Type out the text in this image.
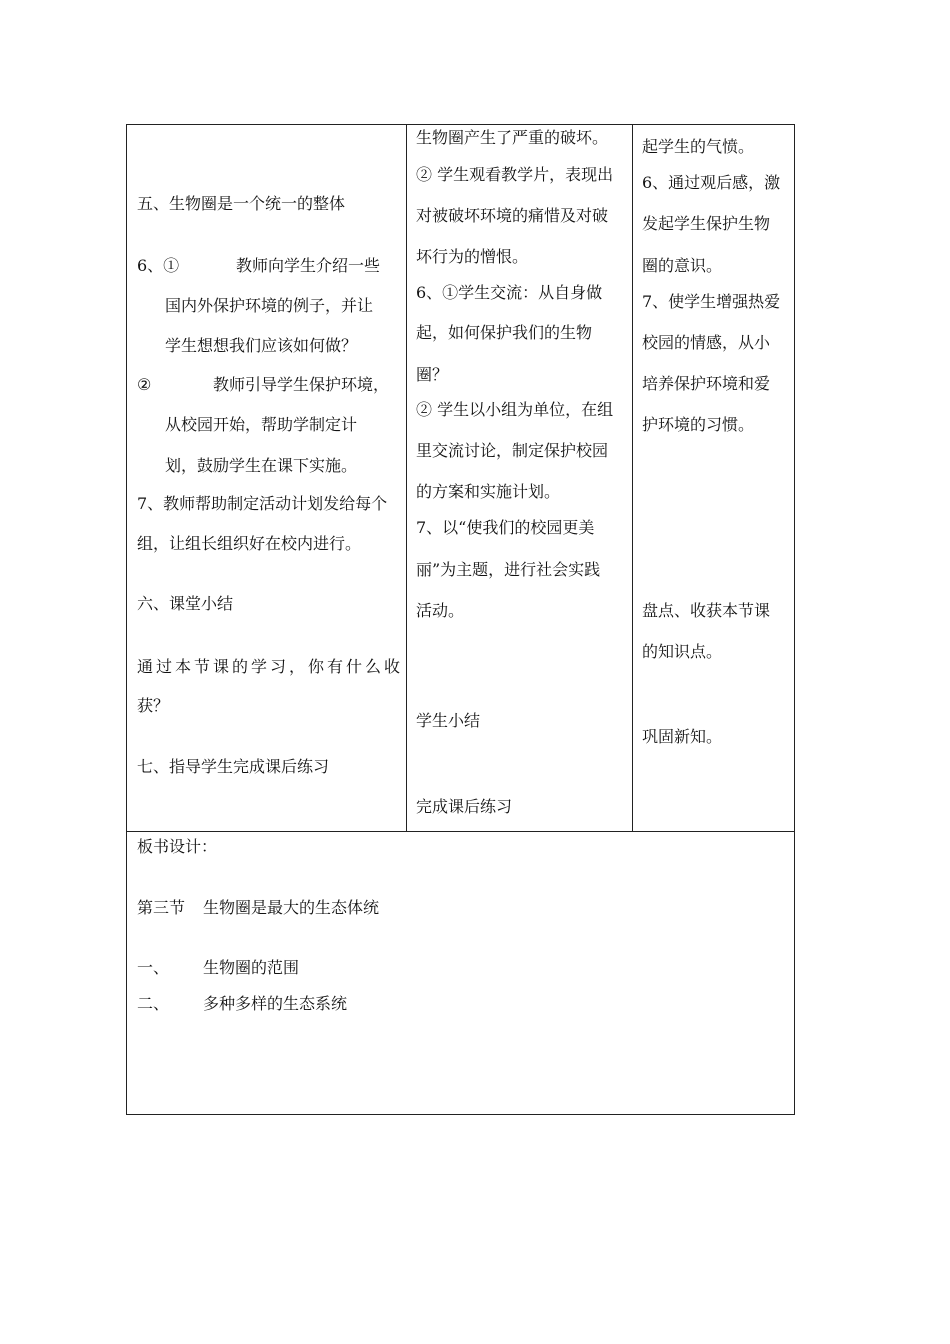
五、生物圈是一个统一的整体
6、①	教师向学生介绍一些
国内外保护环境的例子，并让
学生想想我们应该如何做？
②	教师引导学生保护环境，
从校园开始，帮助学制定计
划，鼓励学生在课下实施。
7、教师帮助制定活动计划发给每个
组，让组长组织好在校内进行。
六、课堂小结
通过本节课的学习，你有什么收
获？
七、指导学生完成课后练习
生物圈产生了严重的破坏。
② 学生观看教学片，表现出
对被破坏环境的痛惜及对破
坏行为的憎恨。
6、①学生交流：从自身做
起，如何保护我们的生物
圈？
② 学生以小组为单位，在组
里交流讨论，制定保护校园
的方案和实施计划。
7、以“使我们的校园更美
丽”为主题，进行社会实践
活动。
学生小结
完成课后练习
起学生的气愤。
6、通过观后感，激
发起学生保护生物
圈的意识。
7、使学生增强热爱
校园的情感，从小
培养保护环境和爱
护环境的习惯。
盘点、收获本节课
的知识点。
巩固新知。
板书设计：
第三节 生物圈是最大的生态体统
一、 生物圈的范围
二、 多种多样的生态系统
